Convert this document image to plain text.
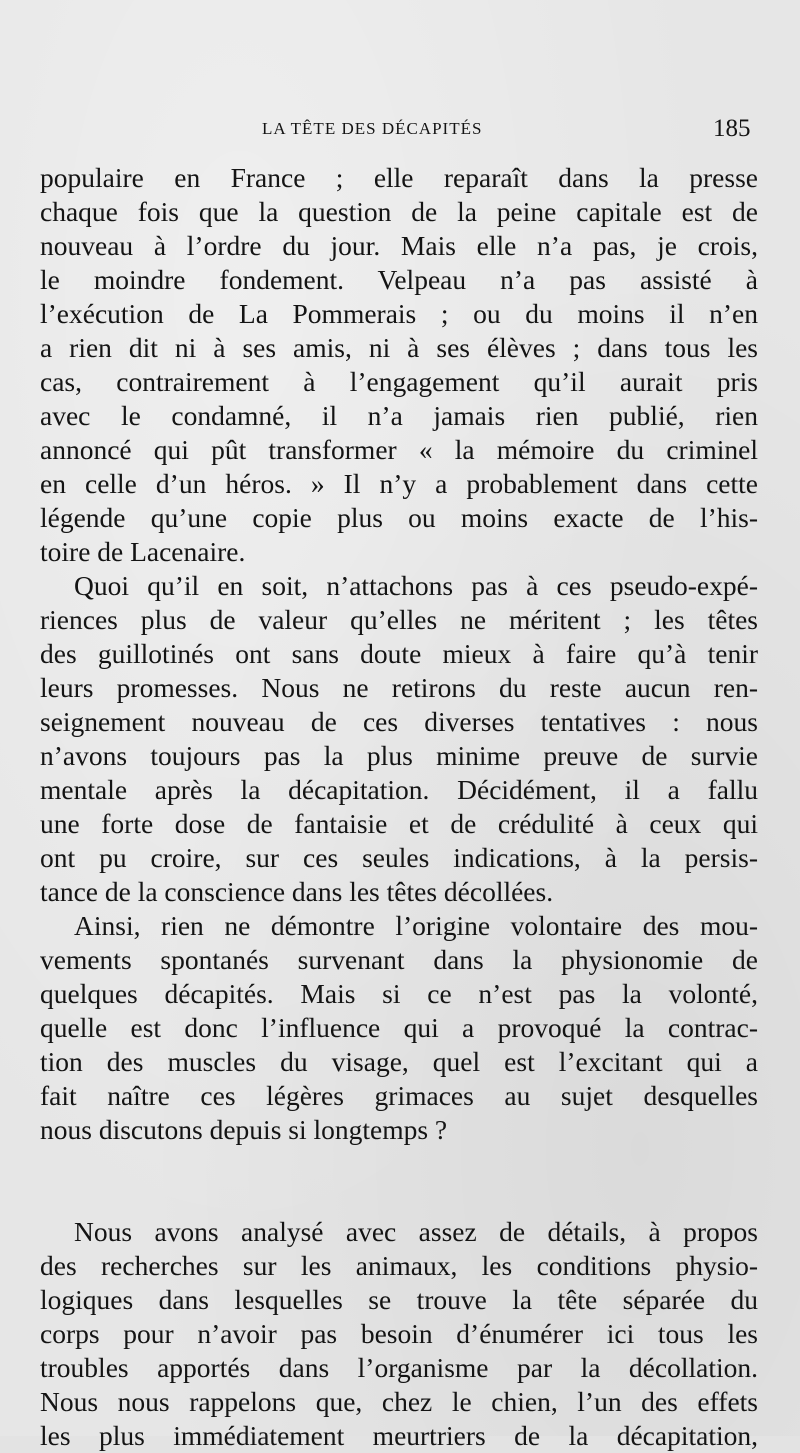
LA TÊTE DES DÉCAPITÉS	185
populaire en France ; elle reparaît dans la presse
chaque fois que la question de la peine capitale est de
nouveau à l’ordre du jour. Mais elle n’a pas, je crois,
le moindre fondement. Velpeau n’a pas assisté à
l’exécution de La Pommerais ; ou du moins il n’en
a rien dit ni à ses amis, ni à ses élèves ; dans tous les
cas, contrairement à l’engagement qu’il aurait pris
avec le condamné, il n’a jamais rien publié, rien
annoncé qui pût transformer « la mémoire du criminel
en celle d’un héros. » Il n’y a probablement dans cette
légende qu’une copie plus ou moins exacte de l’his-
toire de Lacenaire.
Quoi qu’il en soit, n’attachons pas à ces pseudo-expé-
riences plus de valeur qu’elles ne méritent ; les têtes
des guillotinés ont sans doute mieux à faire qu’à tenir
leurs promesses. Nous ne retirons du reste aucun ren-
seignement nouveau de ces diverses tentatives : nous
n’avons toujours pas la plus minime preuve de survie
mentale après la décapitation. Décidément, il a fallu
une forte dose de fantaisie et de crédulité à ceux qui
ont pu croire, sur ces seules indications, à la persis-
tance de la conscience dans les têtes décollées.
Ainsi, rien ne démontre l’origine volontaire des mou-
vements spontanés survenant dans la physionomie de
quelques décapités. Mais si ce n’est pas la volonté,
quelle est donc l’influence qui a provoqué la contrac-
tion des muscles du visage, quel est l’excitant qui a
fait naître ces légères grimaces au sujet desquelles
nous discutons depuis si longtemps ?
Nous avons analysé avec assez de détails, à propos
des recherches sur les animaux, les conditions physio-
logiques dans lesquelles se trouve la tête séparée du
corps pour n’avoir pas besoin d’énumérer ici tous les
troubles apportés dans l’organisme par la décollation.
Nous nous rappelons que, chez le chien, l’un des effets
les plus immédiatement meurtriers de la décapitation,
